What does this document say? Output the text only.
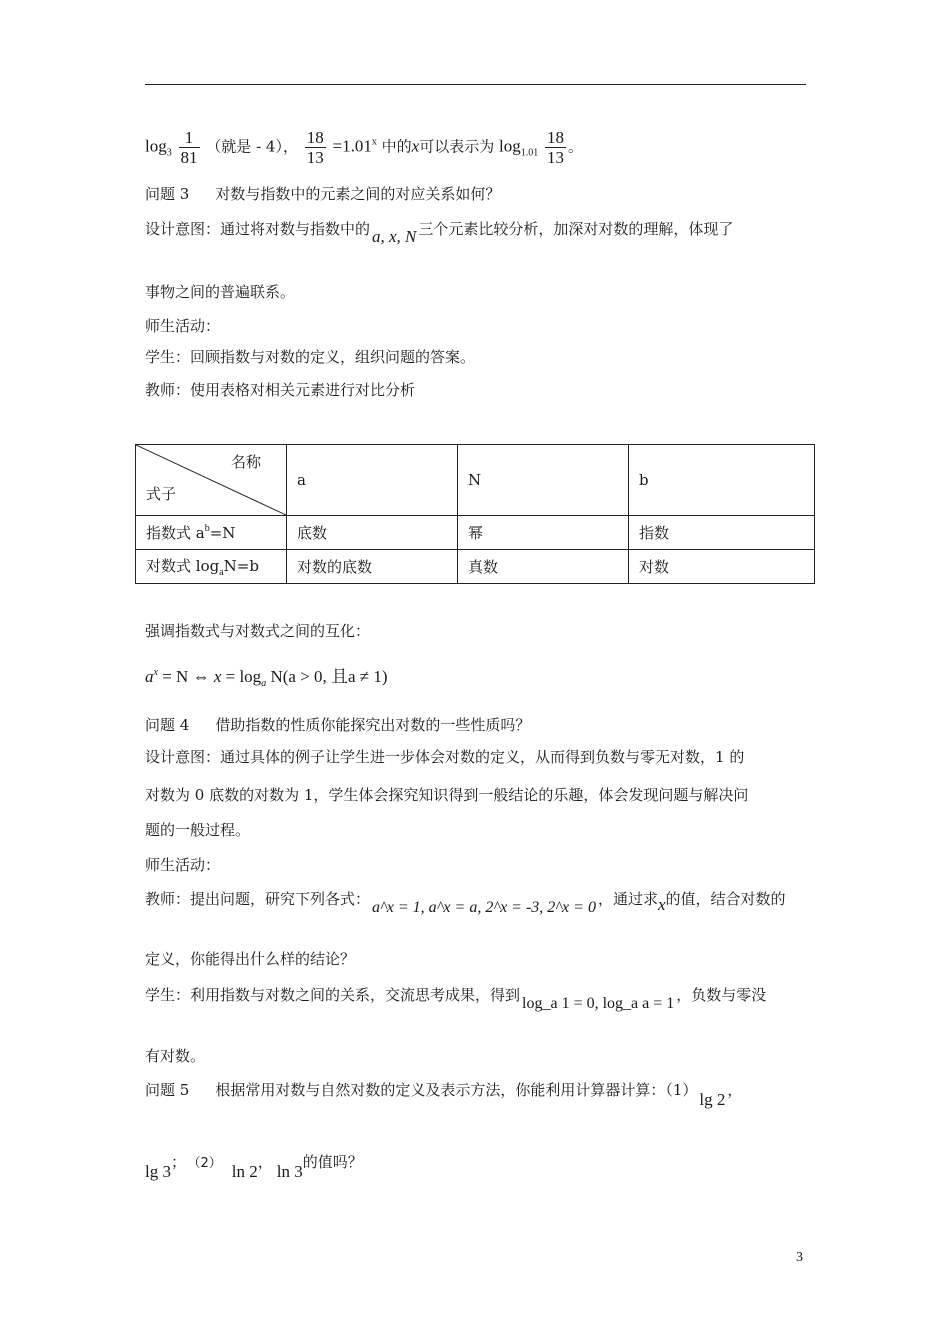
$\log_3 \frac{1}{81}$ （就是 - 4）， $\frac{18}{13} =1.01^x$ 中的x可以表示为 $\log_{1.01} \frac{18}{13}$ 。
问题 3 对数与指数中的元素之间的对应关系如何？
设计意图：通过将对数与指数中的 a, x, N 三个元素比较分析，加深对对数的理解，体现了
事物之间的普遍联系。
师生活动：
学生：回顾指数与对数的定义，组织问题的答案。
教师：使用表格对相关元素进行对比分析
名称
式子	a	N	b
指数式 $a^b=N$	底数	幂	指数
对数式 $\log_aN=b$	对数的底数	真数	对数
强调指数式与对数式之间的互化：
$a^x = N$ ⇔ $x = \log_a N(a > 0$, 且a ≠ 1)
问题 4 借助指数的性质你能探究出对数的一些性质吗？
设计意图：通过具体的例子让学生进一步体会对数的定义，从而得到负数与零无对数，1 的
对数为 0 底数的对数为 1，学生体会探究知识得到一般结论的乐趣，体会发现问题与解决问
题的一般过程。
师生活动：
教师：提出问题，研究下列各式： a^x = 1, a^x = a, 2^x = -3, 2^x = 0 ，通过求x的值，结合对数的
定义，你能得出什么样的结论？
学生：利用指数与对数之间的关系，交流思考成果，得到 log_a 1 = 0, log_a a = 1 ，负数与零没
有对数。
问题 5 根据常用对数与自然对数的定义及表示方法，你能利用计算器计算：（1） lg 2 ，
lg 3； （2） ln 2， ln 3的值吗？
3
